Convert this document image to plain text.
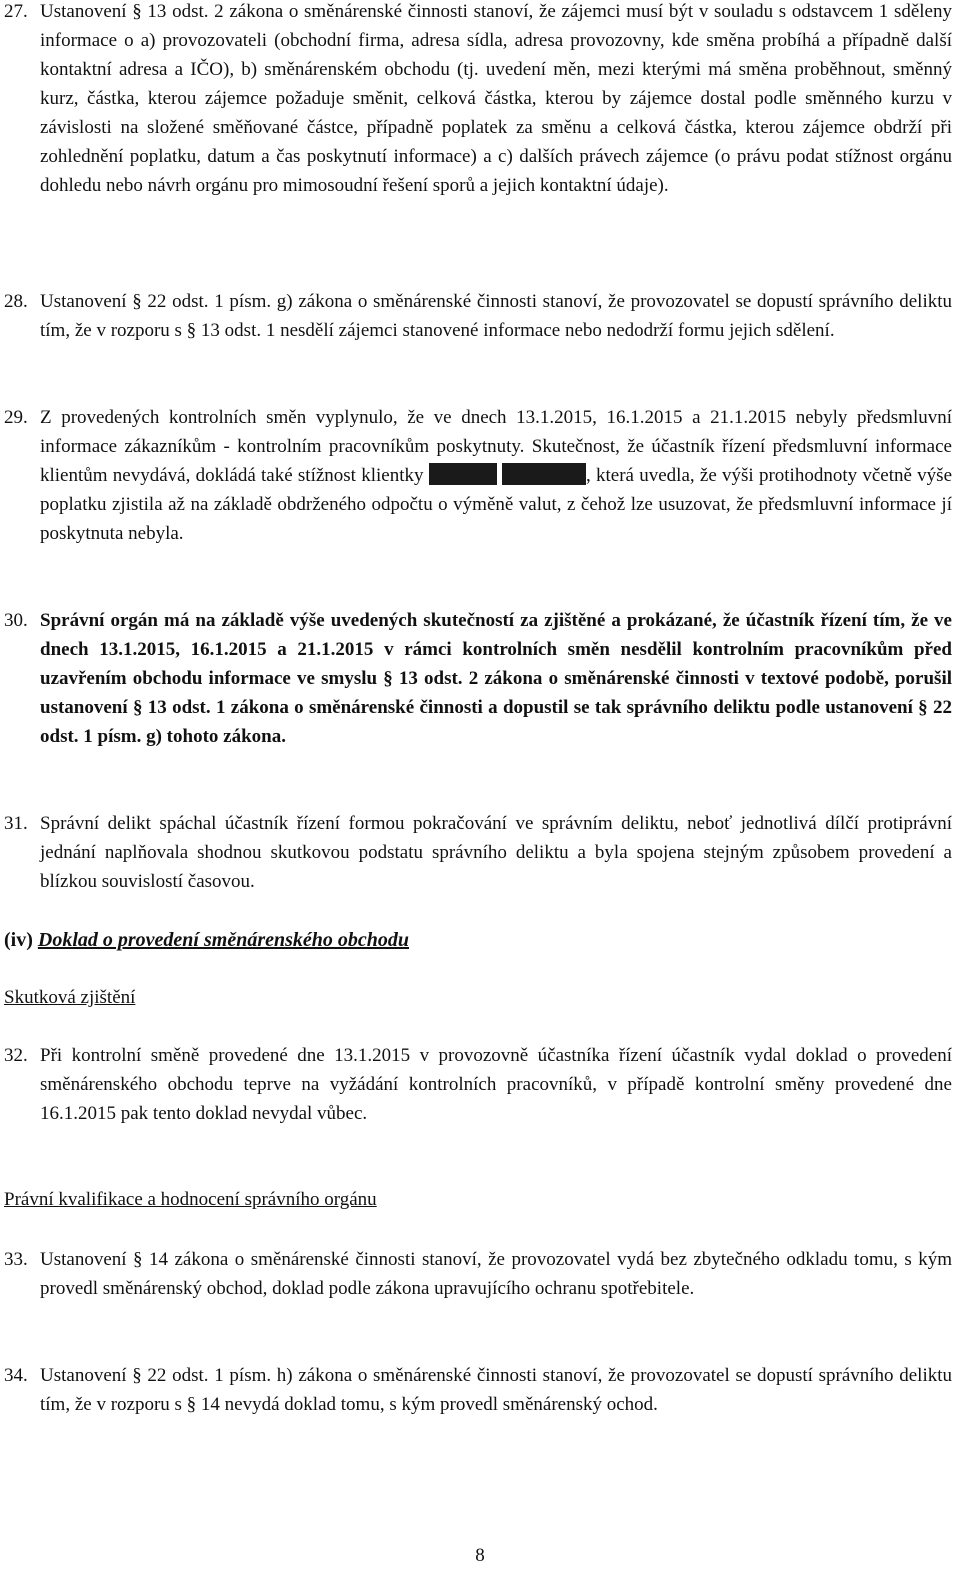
27. Ustanovení § 13 odst. 2 zákona o směnárenské činnosti stanoví, že zájemci musí být v souladu s odstavcem 1 sděleny informace o a) provozovateli (obchodní firma, adresa sídla, adresa provozovny, kde směna probíhá a případně další kontaktní adresa a IČO), b) směnárenském obchodu (tj. uvedení měn, mezi kterými má směna proběhnout, směnný kurz, částka, kterou zájemce požaduje směnit, celková částka, kterou by zájemce dostal podle směnného kurzu v závislosti na složené směňované částce, případně poplatek za směnu a celková částka, kterou zájemce obdrží při zohlednění poplatku, datum a čas poskytnutí informace) a c) dalších právech zájemce (o právu podat stížnost orgánu dohledu nebo návrh orgánu pro mimosoudní řešení sporů a jejich kontaktní údaje).
28. Ustanovení § 22 odst. 1 písm. g) zákona o směnárenské činnosti stanoví, že provozovatel se dopustí správního deliktu tím, že v rozporu s § 13 odst. 1 nesdělí zájemci stanovené informace nebo nedodrží formu jejich sdělení.
29. Z provedených kontrolních směn vyplynulo, že ve dnech 13.1.2015, 16.1.2015 a 21.1.2015 nebyly předsmluvní informace zákazníkům - kontrolním pracovníkům poskytnuty. Skutečnost, že účastník řízení předsmluvní informace klientům nevydává, dokládá také stížnost klientky	, která uvedla, že výši protihodnoty včetně výše poplatku zjistila až na základě obdrženého odpočtu o výměně valut, z čehož lze usuzovat, že předsmluvní informace jí poskytnuta nebyla.
30. Správní orgán má na základě výše uvedených skutečností za zjištěné a prokázané, že účastník řízení tím, že ve dnech 13.1.2015, 16.1.2015 a 21.1.2015 v rámci kontrolních směn nesdělil kontrolním pracovníkům před uzavřením obchodu informace ve smyslu § 13 odst. 2 zákona o směnárenské činnosti v textové podobě, porušil ustanovení § 13 odst. 1 zákona o směnárenské činnosti a dopustil se tak správního deliktu podle ustanovení § 22 odst. 1 písm. g) tohoto zákona.
31. Správní delikt spáchal účastník řízení formou pokračování ve správním deliktu, neboť jednotlivá dílčí protiprávní jednání naplňovala shodnou skutkovou podstatu správního deliktu a byla spojena stejným způsobem provedení a blízkou souvislostí časovou.
(iv) Doklad o provedení směnárenského obchodu
Skutková zjištění
32. Při kontrolní směně provedené dne 13.1.2015 v provozovně účastníka řízení účastník vydal doklad o provedení směnárenského obchodu teprve na vyžádání kontrolních pracovníků, v případě kontrolní směny provedené dne 16.1.2015 pak tento doklad nevydal vůbec.
Právní kvalifikace a hodnocení správního orgánu
33. Ustanovení § 14 zákona o směnárenské činnosti stanoví, že provozovatel vydá bez zbytečného odkladu tomu, s kým provedl směnárenský obchod, doklad podle zákona upravujícího ochranu spotřebitele.
34. Ustanovení § 22 odst. 1 písm. h) zákona o směnárenské činnosti stanoví, že provozovatel se dopustí správního deliktu tím, že v rozporu s § 14 nevydá doklad tomu, s kým provedl směnárenský ochod.
8
